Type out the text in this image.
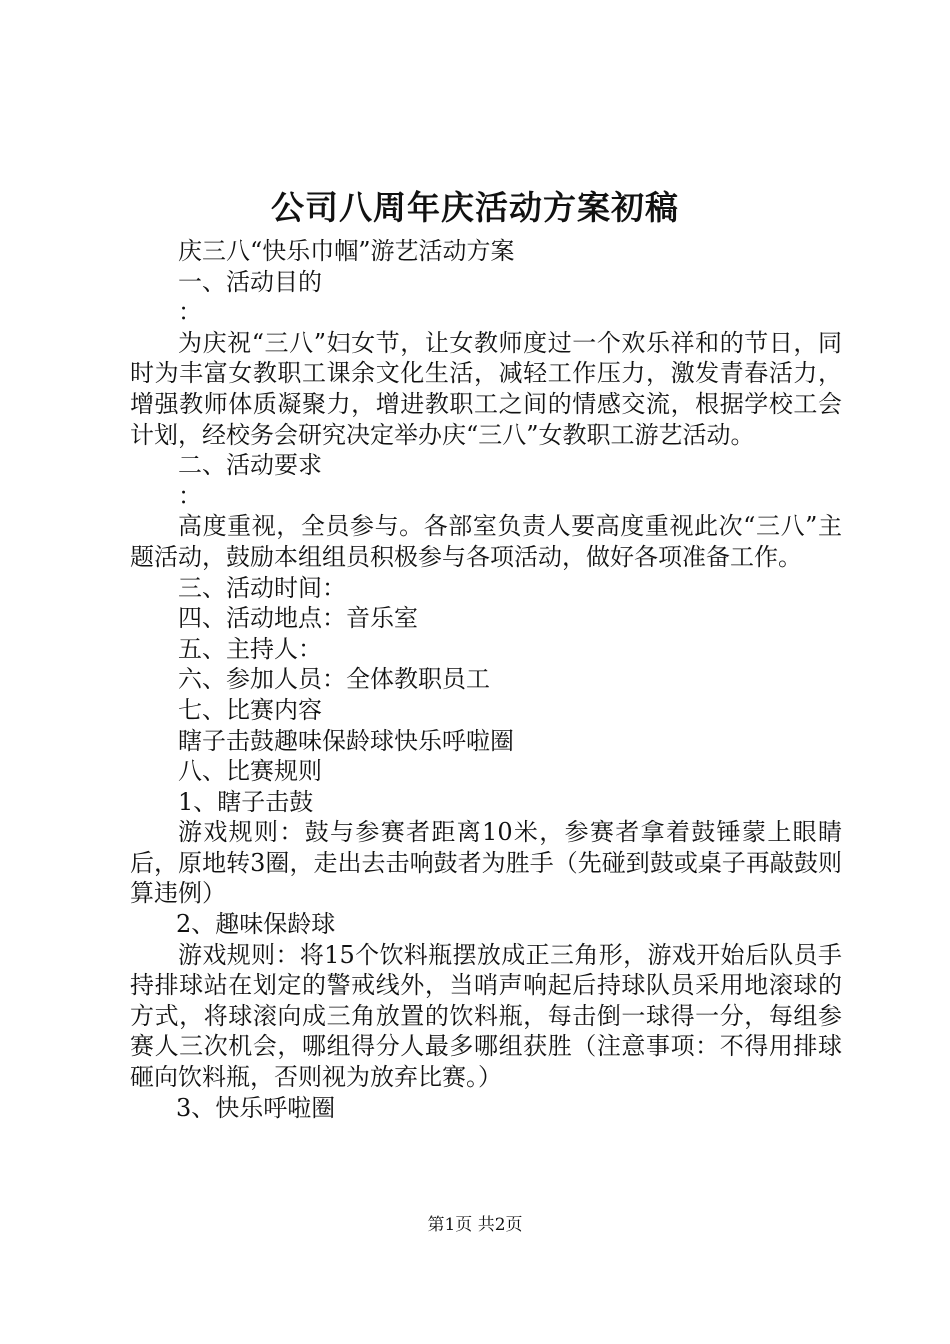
公司八周年庆活动方案初稿

庆三八“快乐巾帼”游艺活动方案

一、活动目的

：

为庆祝“三八”妇女节，让女教师度过一个欢乐祥和的节日，同时为丰富女教职工课余文化生活，减轻工作压力，激发青春活力，增强教师体质凝聚力，增进教职工之间的情感交流，根据学校工会计划，经校务会研究决定举办庆“三八”女教职工游艺活动。

二、活动要求

：

高度重视，全员参与。各部室负责人要高度重视此次“三八”主题活动，鼓励本组组员积极参与各项活动，做好各项准备工作。

三、活动时间：

四、活动地点：音乐室

五、主持人：

六、参加人员：全体教职员工

七、比赛内容

瞎子击鼓趣味保龄球快乐呼啦圈

八、比赛规则

1、瞎子击鼓

游戏规则：鼓与参赛者距离10米，参赛者拿着鼓锤蒙上眼睛后，原地转3圈，走出去击响鼓者为胜手（先碰到鼓或桌子再敲鼓则算违例）

2、趣味保龄球

游戏规则：将15个饮料瓶摆放成正三角形，游戏开始后队员手持排球站在划定的警戒线外，当哨声响起后持球队员采用地滚球的方式，将球滚向成三角放置的饮料瓶，每击倒一球得一分，每组参赛人三次机会，哪组得分人最多哪组获胜（注意事项：不得用排球砸向饮料瓶，否则视为放弃比赛。）

3、快乐呼啦圈

第1页 共2页
